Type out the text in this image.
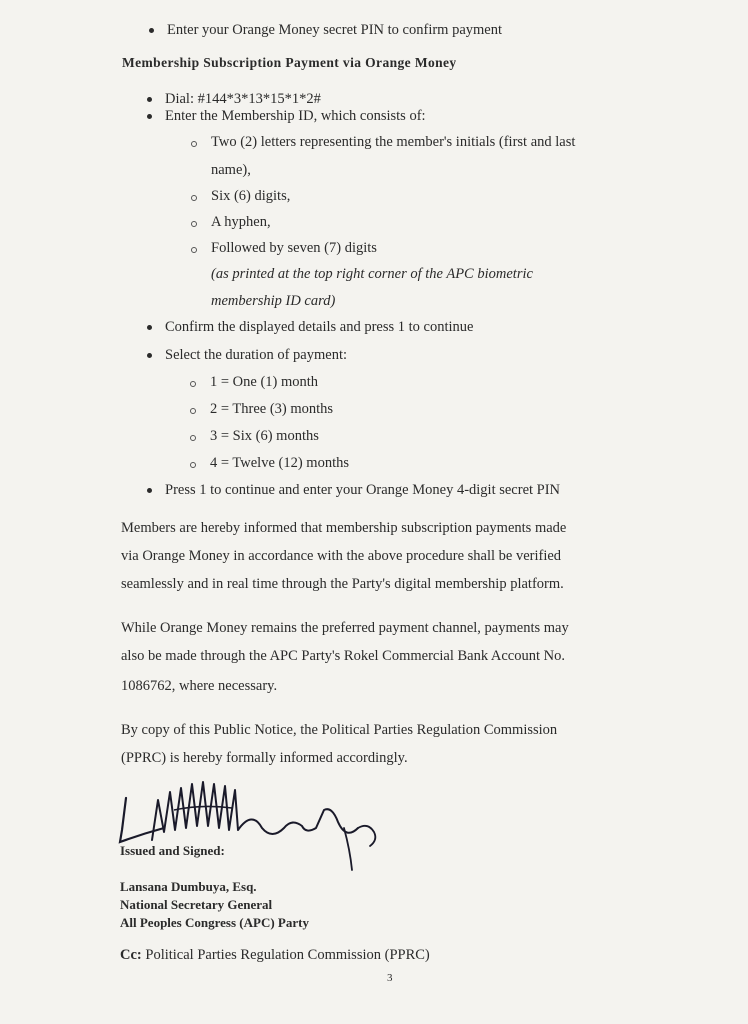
Enter your Orange Money secret PIN to confirm payment
Membership Subscription Payment via Orange Money
Dial: #144*3*13*15*1*2#
Enter the Membership ID, which consists of:
Two (2) letters representing the member's initials (first and last
name),
Six (6) digits,
A hyphen,
Followed by seven (7) digits
(as printed at the top right corner of the APC biometric
membership ID card)
Confirm the displayed details and press 1 to continue
Select the duration of payment:
1 = One (1) month
2 = Three (3) months
3 = Six (6) months
4 = Twelve (12) months
Press 1 to continue and enter your Orange Money 4-digit secret PIN
Members are hereby informed that membership subscription payments made
via Orange Money in accordance with the above procedure shall be verified
seamlessly and in real time through the Party's digital membership platform.
While Orange Money remains the preferred payment channel, payments may
also be made through the APC Party's Rokel Commercial Bank Account No.
1086762, where necessary.
By copy of this Public Notice, the Political Parties Regulation Commission
(PPRC) is hereby formally informed accordingly.
Issued and Signed:
Lansana Dumbuya, Esq.
National Secretary General
All Peoples Congress (APC) Party
Cc: Political Parties Regulation Commission (PPRC)
3
